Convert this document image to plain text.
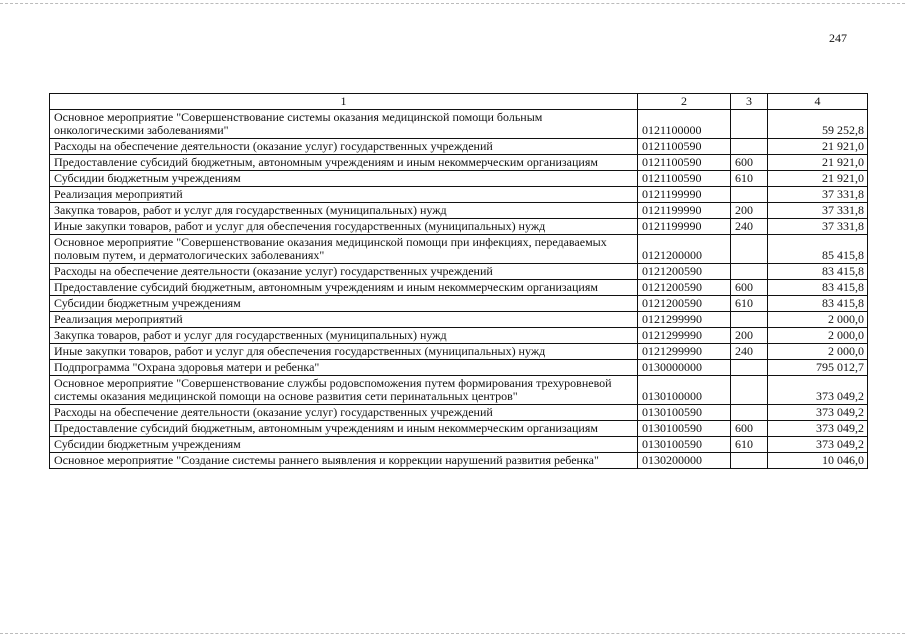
247
1	2	3	4
Основное мероприятие "Совершенствование системы оказания медицинской помощи больным онкологическими заболеваниями"	0121100000		59 252,8
Расходы на обеспечение деятельности (оказание услуг) государственных учреждений	0121100590		21 921,0
Предоставление субсидий бюджетным, автономным учреждениям и иным некоммерческим организациям	0121100590	600	21 921,0
Субсидии бюджетным учреждениям	0121100590	610	21 921,0
Реализация мероприятий	0121199990		37 331,8
Закупка товаров, работ и услуг для государственных (муниципальных) нужд	0121199990	200	37 331,8
Иные закупки товаров, работ и услуг для обеспечения государственных (муниципальных) нужд	0121199990	240	37 331,8
Основное мероприятие "Совершенствование оказания медицинской помощи при инфекциях, передаваемых половым путем, и дерматологических заболеваниях"	0121200000		85 415,8
Расходы на обеспечение деятельности (оказание услуг) государственных учреждений	0121200590		83 415,8
Предоставление субсидий бюджетным, автономным учреждениям и иным некоммерческим организациям	0121200590	600	83 415,8
Субсидии бюджетным учреждениям	0121200590	610	83 415,8
Реализация мероприятий	0121299990		2 000,0
Закупка товаров, работ и услуг для государственных (муниципальных) нужд	0121299990	200	2 000,0
Иные закупки товаров, работ и услуг для обеспечения государственных (муниципальных) нужд	0121299990	240	2 000,0
Подпрограмма "Охрана здоровья матери и ребенка"	0130000000		795 012,7
Основное мероприятие "Совершенствование службы родовспоможения путем формирования трехуровневой системы оказания медицинской помощи на основе развития сети перинатальных центров"	0130100000		373 049,2
Расходы на обеспечение деятельности (оказание услуг) государственных учреждений	0130100590		373 049,2
Предоставление субсидий бюджетным, автономным учреждениям и иным некоммерческим организациям	0130100590	600	373 049,2
Субсидии бюджетным учреждениям	0130100590	610	373 049,2
Основное мероприятие "Создание системы раннего выявления и коррекции нарушений развития ребенка"	0130200000		10 046,0
